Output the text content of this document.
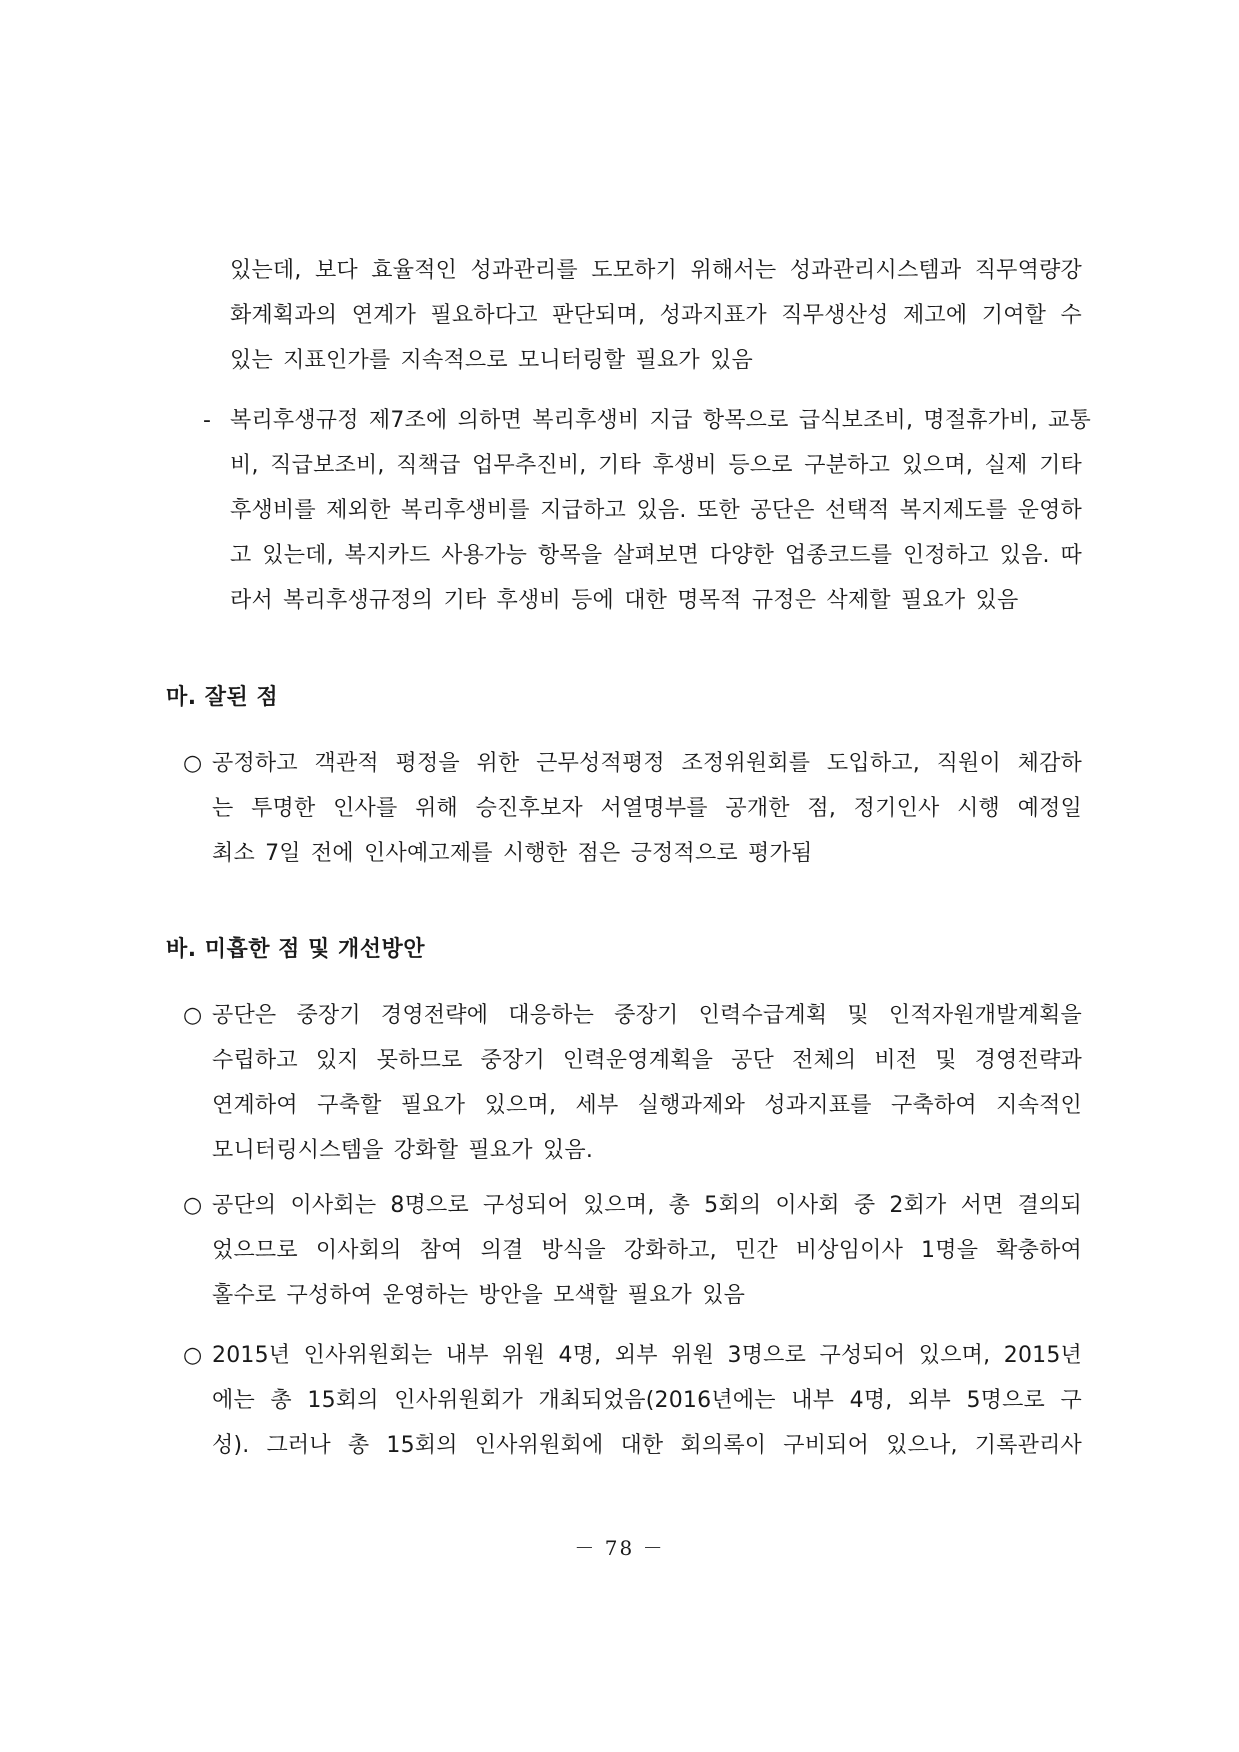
있는데, 보다 효율적인 성과관리를 도모하기 위해서는 성과관리시스템과 직무역량강
화계획과의 연계가 필요하다고 판단되며, 성과지표가 직무생산성 제고에 기여할 수
있는 지표인가를 지속적으로 모니터링할 필요가 있음
- 복리후생규정 제7조에 의하면 복리후생비 지급 항목으로 급식보조비, 명절휴가비, 교통
비, 직급보조비, 직책급 업무추진비, 기타 후생비 등으로 구분하고 있으며, 실제 기타
후생비를 제외한 복리후생비를 지급하고 있음. 또한 공단은 선택적 복지제도를 운영하
고 있는데, 복지카드 사용가능 항목을 살펴보면 다양한 업종코드를 인정하고 있음. 따
라서 복리후생규정의 기타 후생비 등에 대한 명목적 규정은 삭제할 필요가 있음
마. 잘된 점
○ 공정하고 객관적 평정을 위한 근무성적평정 조정위원회를 도입하고, 직원이 체감하
는 투명한 인사를 위해 승진후보자 서열명부를 공개한 점, 정기인사 시행 예정일
최소 7일 전에 인사예고제를 시행한 점은 긍정적으로 평가됨
바. 미흡한 점 및 개선방안
○ 공단은 중장기 경영전략에 대응하는 중장기 인력수급계획 및 인적자원개발계획을
수립하고 있지 못하므로 중장기 인력운영계획을 공단 전체의 비전 및 경영전략과
연계하여 구축할 필요가 있으며, 세부 실행과제와 성과지표를 구축하여 지속적인
모니터링시스템을 강화할 필요가 있음.
○ 공단의 이사회는 8명으로 구성되어 있으며, 총 5회의 이사회 중 2회가 서면 결의되
었으므로 이사회의 참여 의결 방식을 강화하고, 민간 비상임이사 1명을 확충하여
홀수로 구성하여 운영하는 방안을 모색할 필요가 있음
○ 2015년 인사위원회는 내부 위원 4명, 외부 위원 3명으로 구성되어 있으며, 2015년
에는 총 15회의 인사위원회가 개최되었음(2016년에는 내부 4명, 외부 5명으로 구
성). 그러나 총 15회의 인사위원회에 대한 회의록이 구비되어 있으나, 기록관리사
－ 78 －
